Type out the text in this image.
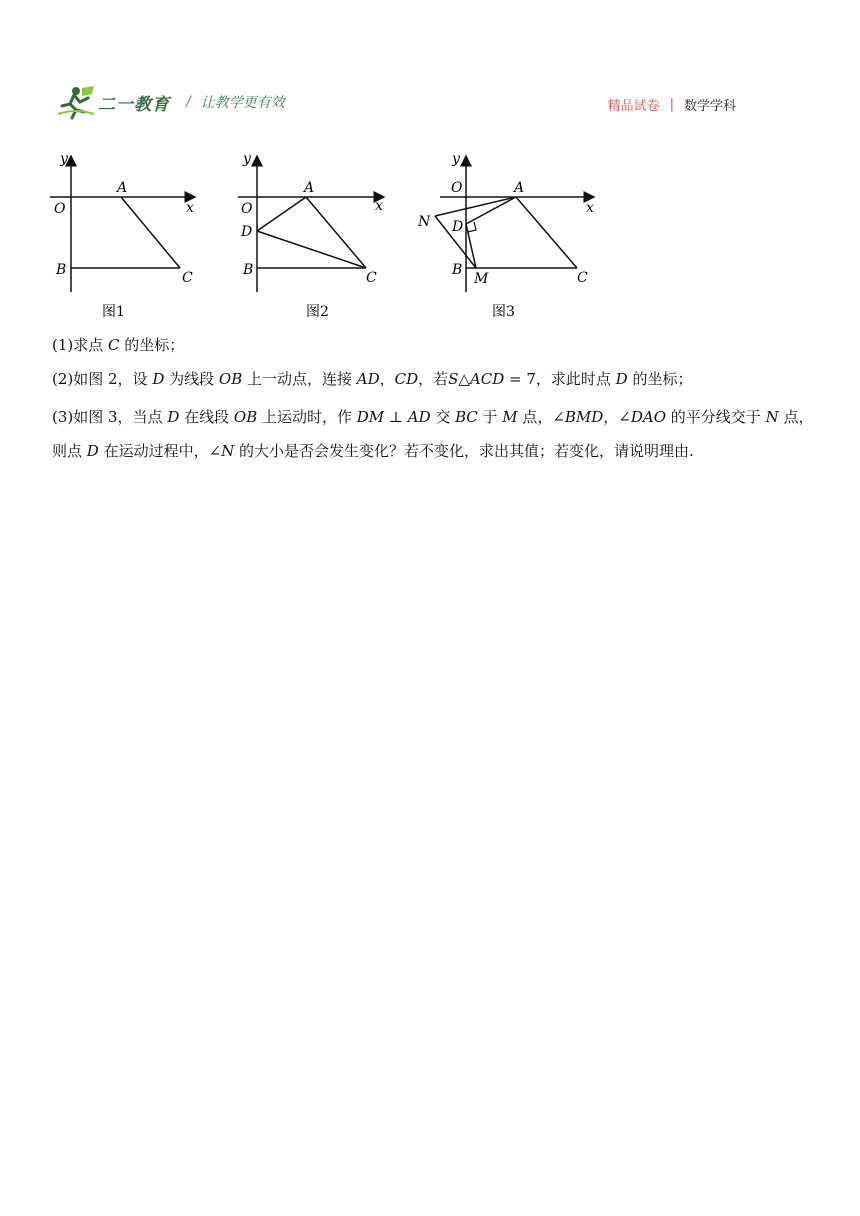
二一教育 / 让教学更有效	精品试卷 | 数学学科
y
x
O
A
B	C
图1
y
x
O
A
D
B	C
图2
y
x
O	A
N D
B
M	C
图3
(1)求点 𝐶 的坐标；
(2)如图 2，设 𝐷 为线段 𝑂𝐵 上一动点，连接 𝐴𝐷，𝐶𝐷，若𝑆△𝐴𝐶𝐷 = 7，求此时点 𝐷 的坐标；
(3)如图 3，当点 𝐷 在线段 𝑂𝐵 上运动时，作 𝐷𝑀 ⊥ 𝐴𝐷 交 𝐵𝐶 于 𝑀 点，∠𝐵𝑀𝐷，∠𝐷𝐴𝑂 的平分线交于 𝑁 点，则点 𝐷 在运动过程中，∠𝑁 的大小是否会发生变化？若不变化，求出其值；若变化，请说明理由.
